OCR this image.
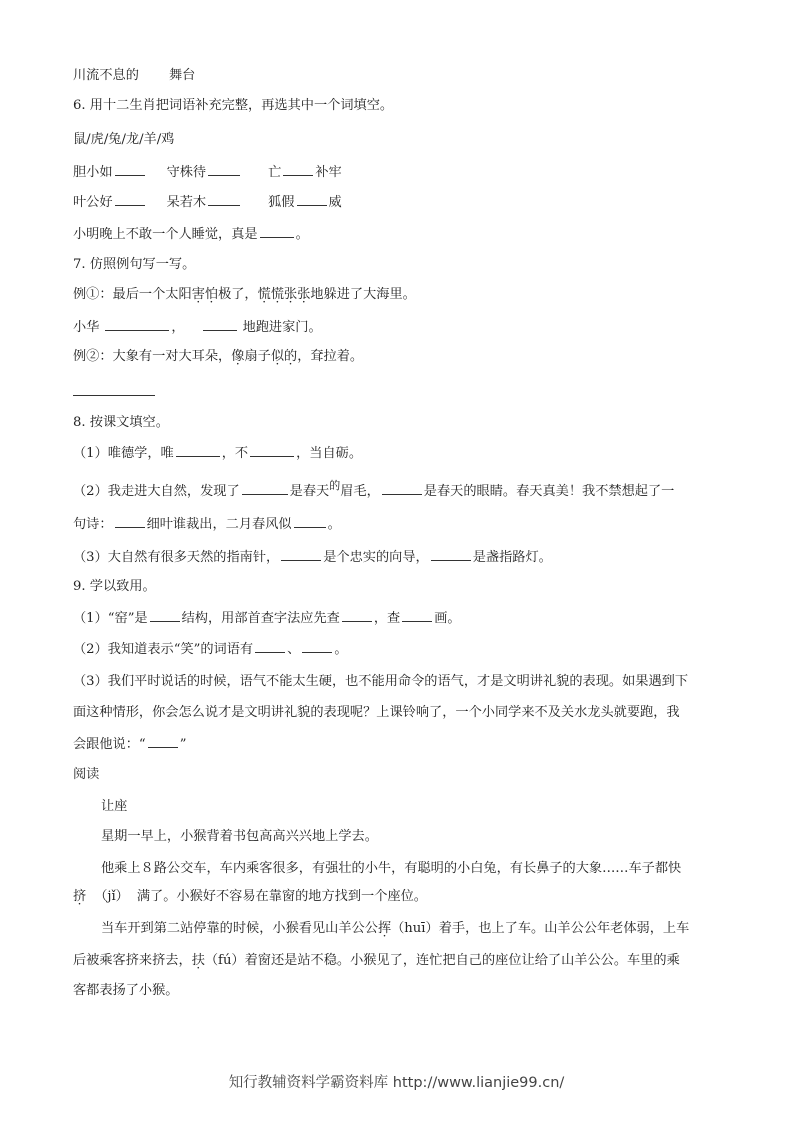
川流不息的 舞台
6. 用十二生肖把词语补充完整，再选其中一个词填空。
鼠/虎/兔/龙/羊/鸡
胆小如	守株待	亡	补牢
叶公好	呆若木	狐假	威
小明晚上不敢一个人睡觉，真是	。
7. 仿照例句写一写。
例①：最后一个太阳害怕极了，慌慌张张地躲进了大海里。
小华	，	地跑进家门。
例②：大象有一对大耳朵，像扇子似的，耷拉着。
8. 按课文填空。
（1）唯德学，唯	，不	，当自砺。
（2）我走进大自然，发现了	是春天$^的$眉毛，	是春天的眼睛。春天真美！我不禁想起了一
句诗：	细叶谁裁出，二月春风似	。
（3）大自然有很多天然的指南针，	是个忠实的向导，	是盏指路灯。
9. 学以致用。
（1）“窑”是	结构，用部首查字法应先查	，查	画。
（2）我知道表示“笑”的词语有	、	。
（3）我们平时说话的时候，语气不能太生硬，也不能用命令的语气，才是文明讲礼貌的表现。如果遇到下
面这种情形，你会怎么说才是文明讲礼貌的表现呢？上课铃响了，一个小同学来不及关水龙头就要跑，我
会跟他说：“	”
阅读
让座
星期一早上，小猴背着书包高高兴兴地上学去。
他乘上８路公交车，车内乘客很多，有强壮的小牛，有聪明的小白兔，有长鼻子的大象……车子都快
挤 （jǐ） 满了。小猴好不容易在靠窗的地方找到一个座位。
当车开到第二站停靠的时候，小猴看见山羊公公挥（huī）着手，也上了车。山羊公公年老体弱，上车
后被乘客挤来挤去，扶（fú）着窗还是站不稳。小猴见了，连忙把自己的座位让给了山羊公公。车里的乘
客都表扬了小猴。
知行教辅资料学霸资料库 http://www.lianjie99.cn/
